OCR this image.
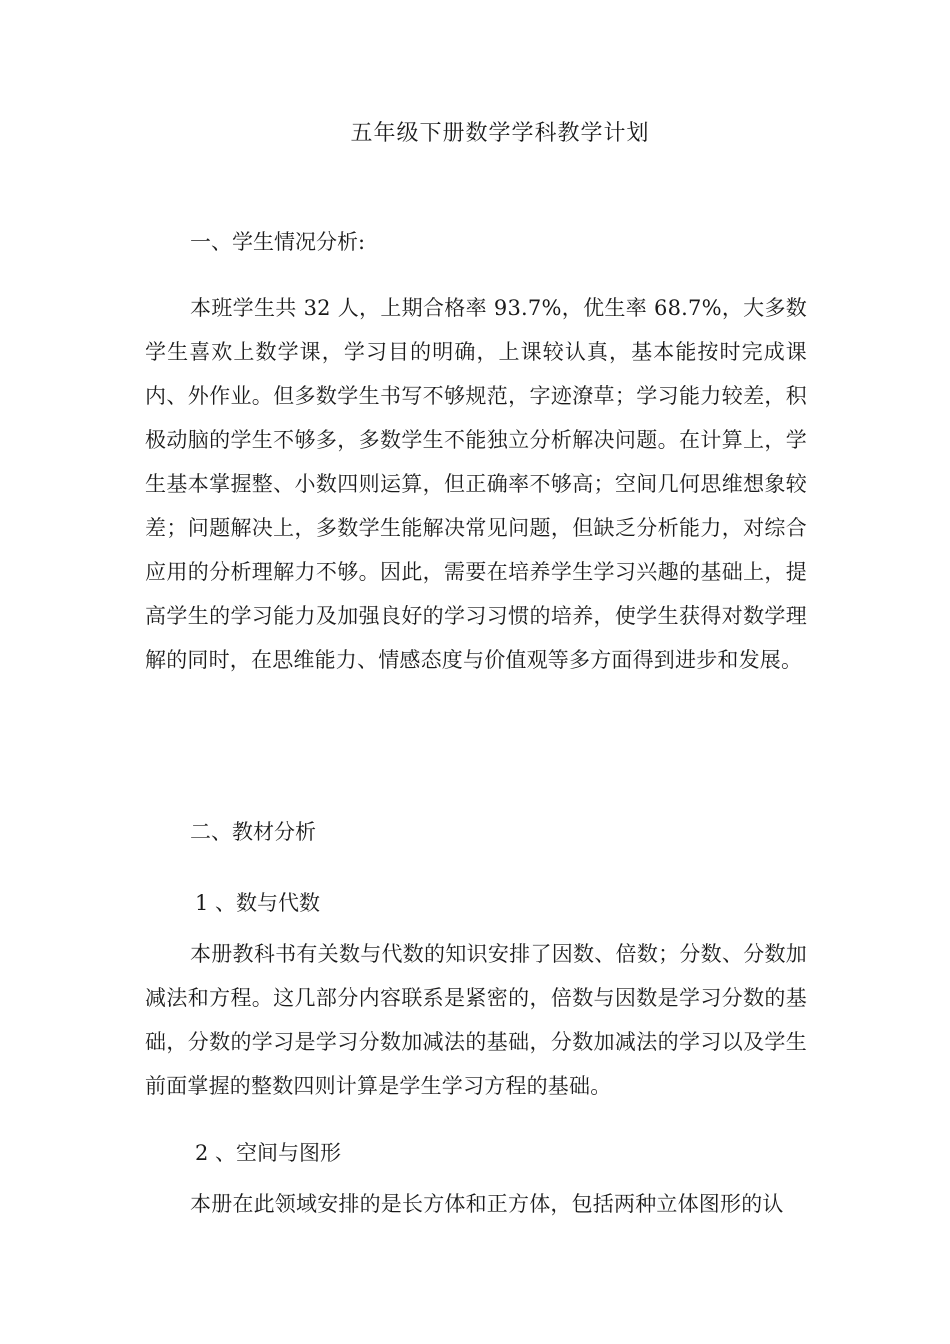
五年级下册数学学科教学计划
一、学生情况分析:

本班学生共 32 人，上期合格率 93.7%，优生率 68.7%，大多数学生喜欢上数学课，学习目的明确，上课较认真，基本能按时完成课内、外作业。但多数学生书写不够规范，字迹潦草；学习能力较差，积极动脑的学生不够多，多数学生不能独立分析解决问题。在计算上，学生基本掌握整、小数四则运算，但正确率不够高；空间几何思维想象较差；问题解决上，多数学生能解决常见问题，但缺乏分析能力，对综合应用的分析理解力不够。因此，需要在培养学生学习兴趣的基础上，提高学生的学习能力及加强良好的学习习惯的培养，使学生获得对数学理解的同时，在思维能力、情感态度与价值观等多方面得到进步和发展。

二、教材分析
1 、数与代数

本册教科书有关数与代数的知识安排了因数、倍数；分数、分数加减法和方程。这几部分内容联系是紧密的，倍数与因数是学习分数的基础，分数的学习是学习分数加减法的基础，分数加减法的学习以及学生前面掌握的整数四则计算是学生学习方程的基础。

2 、空间与图形

本册在此领域安排的是长方体和正方体，包括两种立体图形的认
